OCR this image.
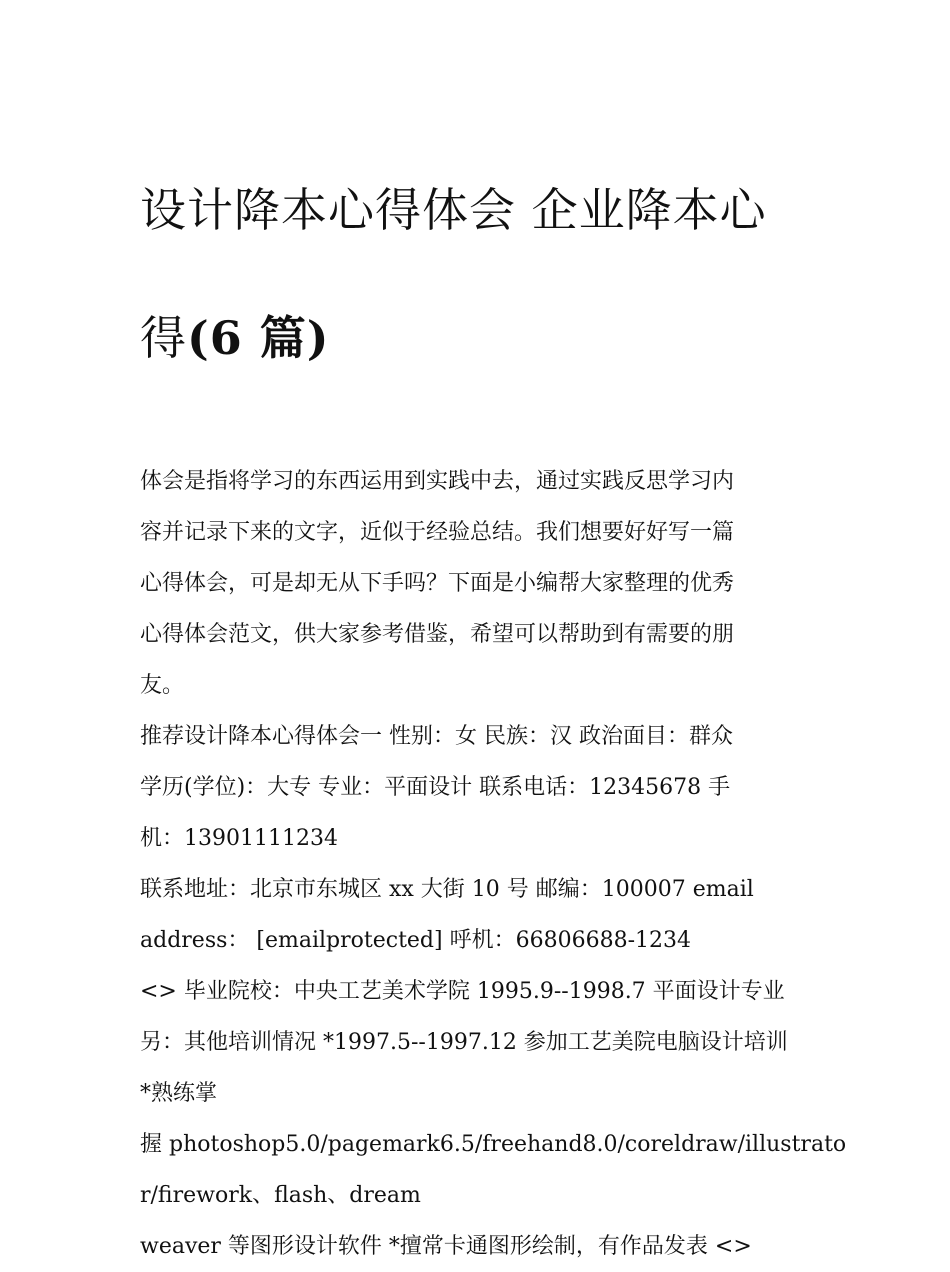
设计降本心得体会 企业降本心

得(6 篇)

体会是指将学习的东西运用到实践中去，通过实践反思学习内
容并记录下来的文字，近似于经验总结。我们想要好好写一篇
心得体会，可是却无从下手吗？下面是小编帮大家整理的优秀
心得体会范文，供大家参考借鉴，希望可以帮助到有需要的朋
友。
推荐设计降本心得体会一 性别：女 民族：汉 政治面目：群众
学历(学位)：大专 专业：平面设计 联系电话：12345678 手
机：13901111234
联系地址：北京市东城区 xx 大街 10 号 邮编：100007 email
address： [emailprotected] 呼机：66806688-1234
<> 毕业院校：中央工艺美术学院 1995.9--1998.7 平面设计专业
另：其他培训情况 *1997.5--1997.12 参加工艺美院电脑设计培训
*熟练掌
握 photoshop5.0/pagemark6.5/freehand8.0/coreldraw/illustrato
r/firework、flash、dream
weaver 等图形设计软件 *擅常卡通图形绘制，有作品发表 <>
